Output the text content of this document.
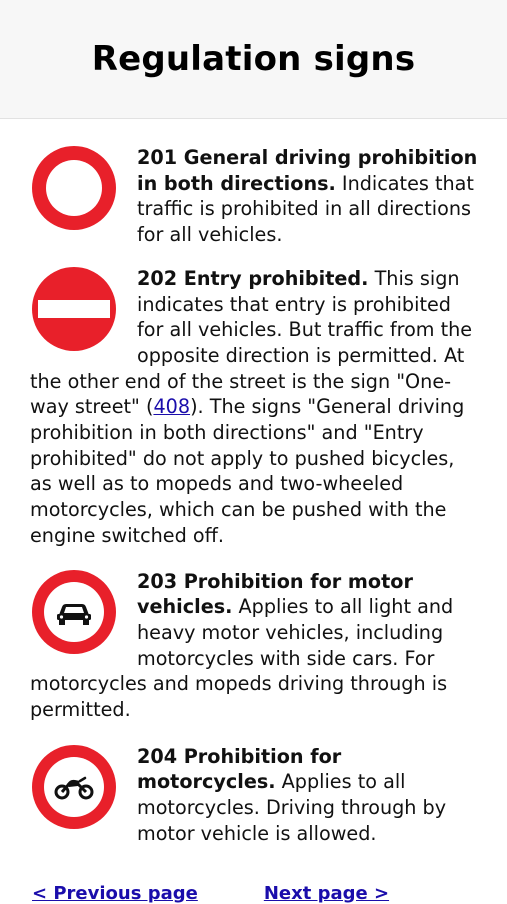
Regulation signs
201 General driving prohibition in both directions. Indicates that traffic is prohibited in all directions for all vehicles.
202 Entry prohibited. This sign indicates that entry is prohibited for all vehicles. But traffic from the opposite direction is permitted. At the other end of the street is the sign "One-way street" (408). The signs "General driving prohibition in both directions" and "Entry prohibited" do not apply to pushed bicycles, as well as to mopeds and two-wheeled motorcycles, which can be pushed with the engine switched off.
203 Prohibition for motor vehicles. Applies to all light and heavy motor vehicles, including motorcycles with side cars. For motorcycles and mopeds driving through is permitted.
204 Prohibition for motorcycles. Applies to all motorcycles. Driving through by motor vehicle is allowed.
< Previous page	Next page >
